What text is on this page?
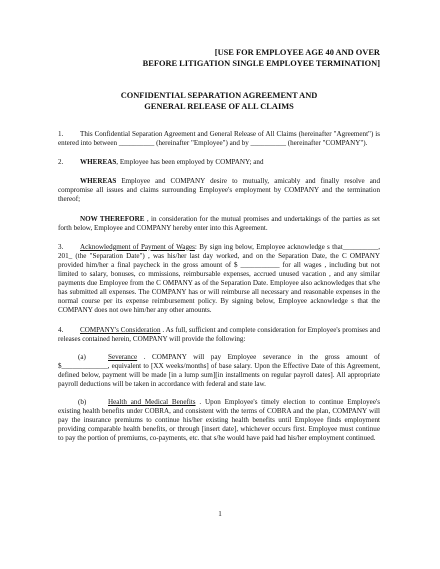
[USE FOR EMPLOYEE AGE 40 AND OVER
BEFORE LITIGATION SINGLE EMPLOYEE TERMINATION]
CONFIDENTIAL SEPARATION AGREEMENT AND
GENERAL RELEASE OF ALL CLAIMS

1. This Confidential Separation Agreement and General Release of All Claims (hereinafter "Agreement") is entered into between __________ (hereinafter "Employee") and by __________ (hereinafter "COMPANY").

2. WHEREAS, Employee has been employed by COMPANY; and

WHEREAS Employee and COMPANY desire to mutually, amicably and finally resolve and compromise all issues and claims surrounding Employee's employment by COMPANY and the termination thereof;

NOW THEREFORE , in consideration for the mutual promises and undertakings of the parties as set forth below, Employee and COMPANY hereby enter into this Agreement.

3. Acknowledgment of Payment of Wages: By sign ing below, Employee acknowledge s that__________, 201_ (the "Separation Date") , was his/her last day worked, and on the Separation Date, the C OMPANY provided him/her a final paycheck in the gross amount of $ ___________ for all wages , including but not limited to salary, bonuses, co mmissions, reimbursable expenses, accrued unused vacation , and any similar payments due Employee from the C OMPANY as of the Separation Date. Employee also acknowledges that s/he has submitted all expenses. The COMPANY has or will reimburse all necessary and reasonable expenses in the normal course per its expense reimbursement policy. By signing below, Employee acknowledge s that the COMPANY does not owe him/her any other amounts.

4. COMPANY's Consideration . As full, sufficient and complete consideration for Employee's promises and releases contained herein, COMPANY will provide the following:

(a)	Severance . COMPANY will pay Employee severance in the gross amount of $_____________, equivalent to [XX weeks/months] of base salary. Upon the Effective Date of this Agreement, defined below, payment will be made [in a lump sum][in installments on regular payroll dates]. All appropriate payroll deductions will be taken in accordance with federal and state law.

(b)	Health and Medical Benefits . Upon Employee's timely election to continue Employee's existing health benefits under COBRA, and consistent with the terms of COBRA and the plan, COMPANY will pay the insurance premiums to continue his/her existing health benefits until Employee finds employment providing comparable health benefits, or through [insert date], whichever occurs first. Employee must continue to pay the portion of premiums, co-payments, etc. that s/he would have paid had his/her employment continued.

1
